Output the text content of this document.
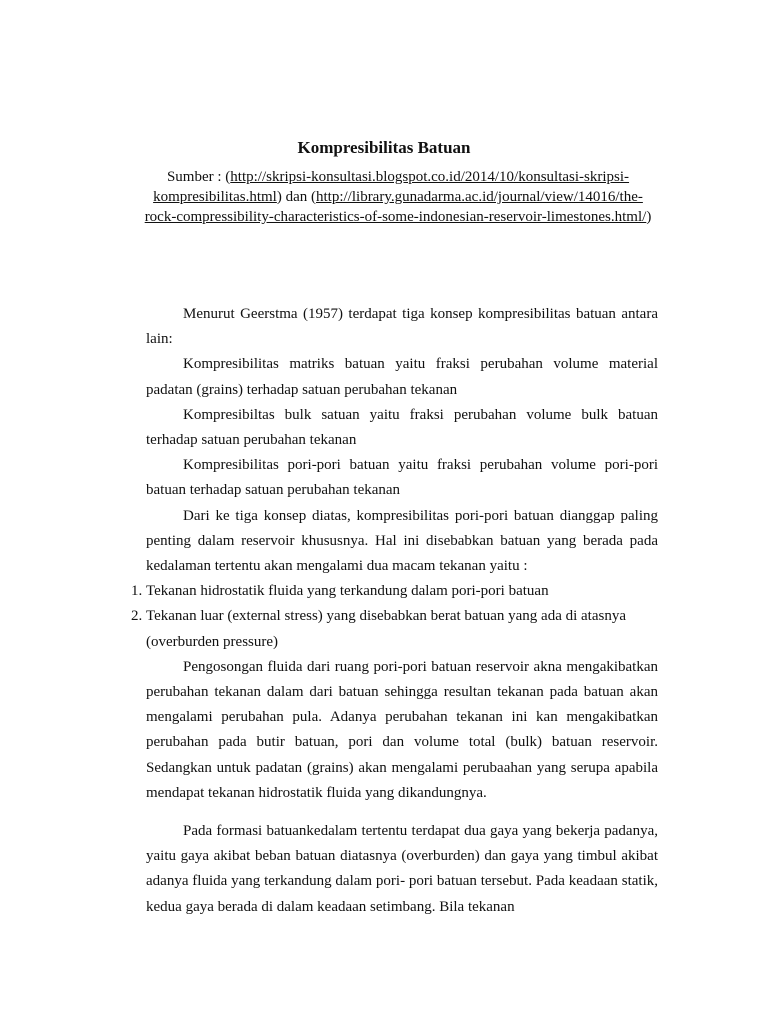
Kompresibilitas Batuan
Sumber : (http://skripsi-konsultasi.blogspot.co.id/2014/10/konsultasi-skripsi-kompresibilitas.html) dan (http://library.gunadarma.ac.id/journal/view/14016/the-rock-compressibility-characteristics-of-some-indonesian-reservoir-limestones.html/)

Menurut Geerstma (1957) terdapat tiga konsep kompresibilitas batuan antara lain:

Kompresibilitas matriks batuan yaitu fraksi perubahan volume material padatan (grains) terhadap satuan perubahan tekanan

Kompresibiltas bulk satuan yaitu fraksi perubahan volume bulk batuan terhadap satuan perubahan tekanan

Kompresibilitas pori-pori batuan yaitu fraksi perubahan volume pori-pori batuan terhadap satuan perubahan tekanan

Dari ke tiga konsep diatas, kompresibilitas pori-pori batuan dianggap paling penting dalam reservoir khususnya. Hal ini disebabkan batuan yang berada pada kedalaman tertentu akan mengalami dua macam tekanan yaitu :

1. Tekanan hidrostatik fluida yang terkandung dalam pori-pori batuan
2. Tekanan luar (external stress) yang disebabkan berat batuan yang ada di atasnya (overburden pressure)

Pengosongan fluida dari ruang pori-pori batuan reservoir akna mengakibatkan perubahan tekanan dalam dari batuan sehingga resultan tekanan pada batuan akan mengalami perubahan pula. Adanya perubahan tekanan ini kan mengakibatkan perubahan pada butir batuan, pori dan volume total (bulk) batuan reservoir. Sedangkan untuk padatan (grains) akan mengalami perubaahan yang serupa apabila mendapat tekanan hidrostatik fluida yang dikandungnya.

Pada formasi batuankedalam tertentu terdapat dua gaya yang bekerja padanya, yaitu gaya akibat beban batuan diatasnya (overburden) dan gaya yang timbul akibat adanya fluida yang terkandung dalam pori- pori batuan tersebut. Pada keadaan statik, kedua gaya berada di dalam keadaan setimbang. Bila tekanan
